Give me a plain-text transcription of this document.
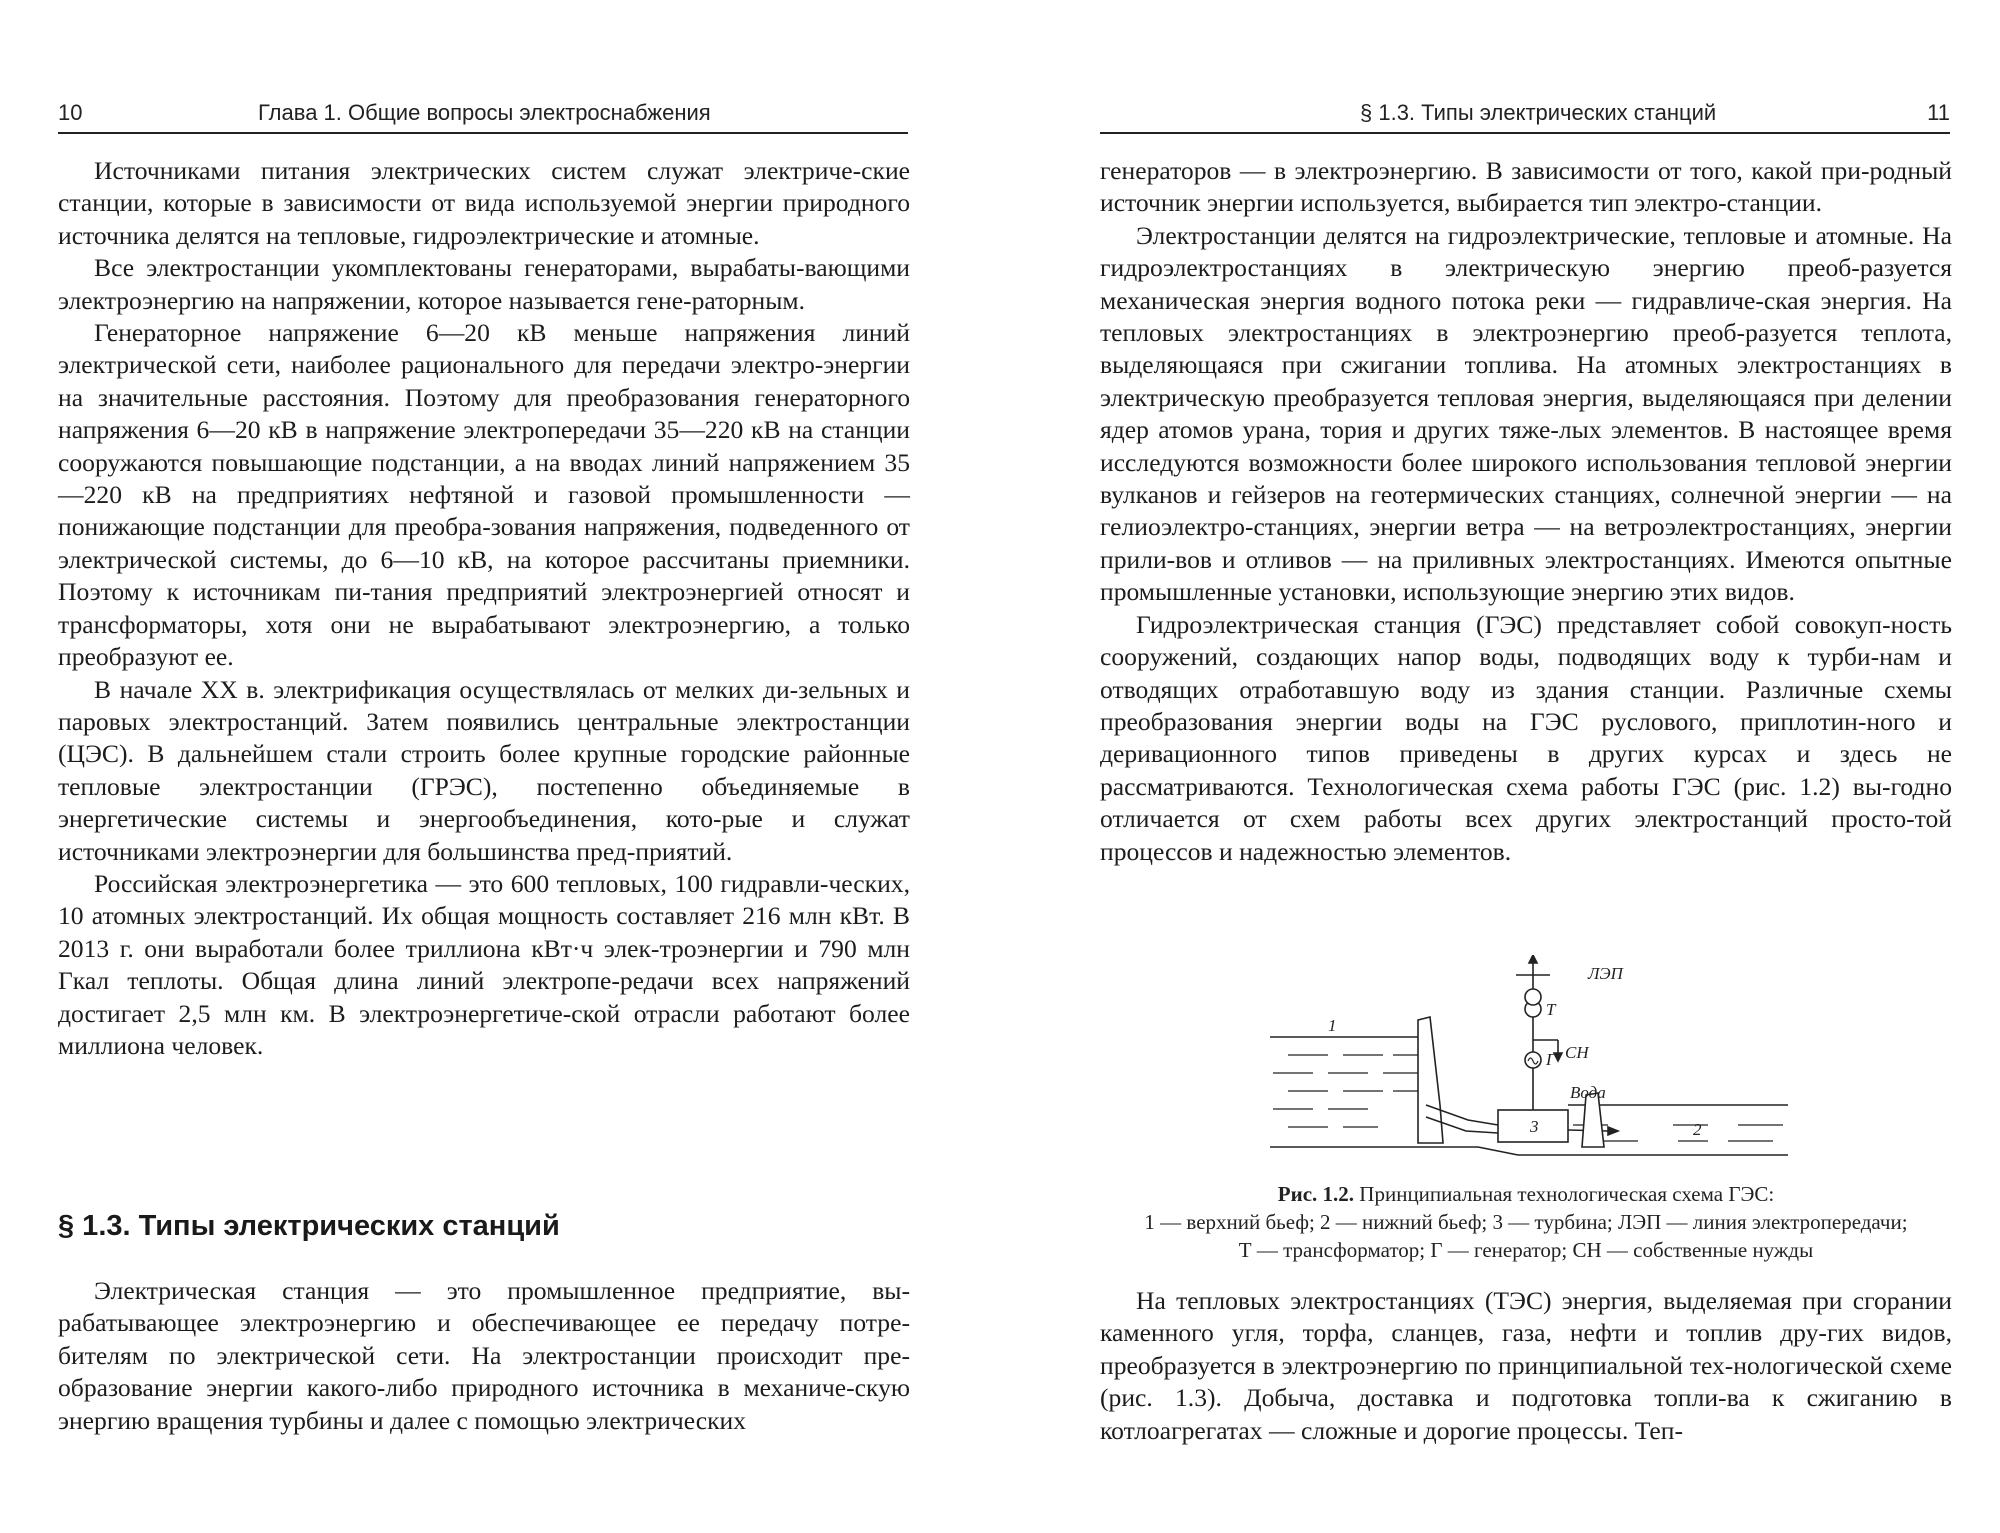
10	Глава 1. Общие вопросы электроснабжения

Источниками питания электрических систем служат электриче-ские станции, которые в зависимости от вида используемой энергии природного источника делятся на тепловые, гидроэлектрические и атомные.

Все электростанции укомплектованы генераторами, вырабаты-вающими электроэнергию на напряжении, которое называется гене-раторным.

Генераторное напряжение 6—20 кВ меньше напряжения линий электрической сети, наиболее рационального для передачи электро-энергии на значительные расстояния. Поэтому для преобразования генераторного напряжения 6—20 кВ в напряжение электропередачи 35—220 кВ на станции сооружаются повышающие подстанции, а на вводах линий напряжением 35—220 кВ на предприятиях нефтяной и газовой промышленности — понижающие подстанции для преобра-зования напряжения, подведенного от электрической системы, до 6—10 кВ, на которое рассчитаны приемники. Поэтому к источникам пи-тания предприятий электроэнергией относят и трансформаторы, хотя они не вырабатывают электроэнергию, а только преобразуют ее.

В начале XX в. электрификация осуществлялась от мелких ди-зельных и паровых электростанций. Затем появились центральные электростанции (ЦЭС). В дальнейшем стали строить более крупные городские районные тепловые электростанции (ГРЭС), постепенно объединяемые в энергетические системы и энергообъединения, кото-рые и служат источниками электроэнергии для большинства пред-приятий.

Российская электроэнергетика — это 600 тепловых, 100 гидравли-ческих, 10 атомных электростанций. Их общая мощность составляет 216 млн кВт. В 2013 г. они выработали более триллиона кВт·ч элек-троэнергии и 790 млн Гкал теплоты. Общая длина линий электропе-редачи всех напряжений достигает 2,5 млн км. В электроэнергетиче-ской отрасли работают более миллиона человек.

§ 1.3. Типы электрических станций

Электрическая станция — это промышленное предприятие, вы-рабатывающее электроэнергию и обеспечивающее ее передачу потре-бителям по электрической сети. На электростанции происходит пре-образование энергии какого-либо природного источника в механиче-скую энергию вращения турбины и далее с помощью электрических

§ 1.3. Типы электрических станций	11

генераторов — в электроэнергию. В зависимости от того, какой при-родный источник энергии используется, выбирается тип электро-станции.

Электростанции делятся на гидроэлектрические, тепловые и атомные. На гидроэлектростанциях в электрическую энергию преоб-разуется механическая энергия водного потока реки — гидравличе-ская энергия. На тепловых электростанциях в электроэнергию преоб-разуется теплота, выделяющаяся при сжигании топлива. На атомных электростанциях в электрическую преобразуется тепловая энергия, выделяющаяся при делении ядер атомов урана, тория и других тяже-лых элементов. В настоящее время исследуются возможности более широкого использования тепловой энергии вулканов и гейзеров на геотермических станциях, солнечной энергии — на гелиоэлектро-станциях, энергии ветра — на ветроэлектростанциях, энергии прили-вов и отливов — на приливных электростанциях. Имеются опытные промышленные установки, использующие энергию этих видов.

Гидроэлектрическая станция (ГЭС) представляет собой совокуп-ность сооружений, создающих напор воды, подводящих воду к турби-нам и отводящих отработавшую воду из здания станции. Различные схемы преобразования энергии воды на ГЭС руслового, приплотин-ного и деривационного типов приведены в других курсах и здесь не рассматриваются. Технологическая схема работы ГЭС (рис. 1.2) вы-годно отличается от схем работы всех других электростанций просто-той процессов и надежностью элементов.

ЛЭП
Т
СН
Г
Вода
1
2
3
Рис. 1.2. Принципиальная технологическая схема ГЭС:
1 — верхний бьеф; 2 — нижний бьеф; 3 — турбина; ЛЭП — линия электропередачи;
Т — трансформатор; Г — генератор; СН — собственные нужды

На тепловых электростанциях (ТЭС) энергия, выделяемая при сгорании каменного угля, торфа, сланцев, газа, нефти и топлив дру-гих видов, преобразуется в электроэнергию по принципиальной тех-нологической схеме (рис. 1.3). Добыча, доставка и подготовка топли-ва к сжиганию в котлоагрегатах — сложные и дорогие процессы. Теп-
